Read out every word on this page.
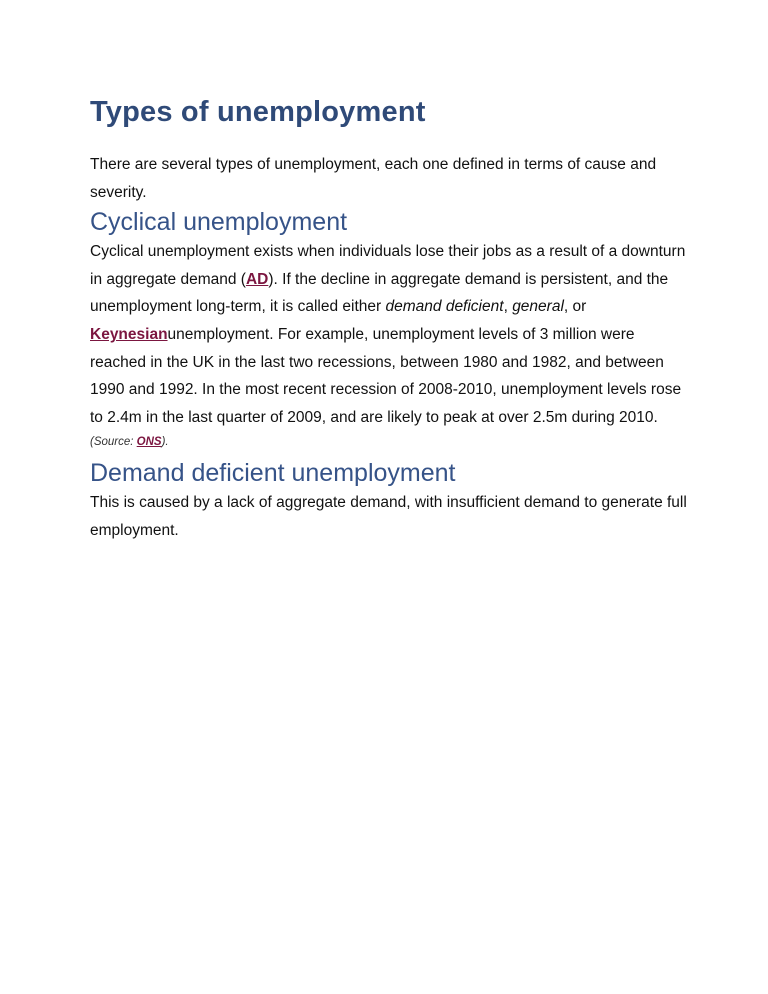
Types of unemployment

There are several types of unemployment, each one defined in terms of cause and severity.

Cyclical unemployment

Cyclical unemployment exists when individuals lose their jobs as a result of a downturn in aggregate demand (AD). If the decline in aggregate demand is persistent, and the unemployment long-term, it is called either demand deficient, general, or Keynesianunemployment. For example, unemployment levels of 3 million were reached in the UK in the last two recessions, between 1980 and 1982, and between 1990 and 1992. In the most recent recession of 2008-2010, unemployment levels rose to 2.4m in the last quarter of 2009, and are likely to peak at over 2.5m during 2010.

(Source: ONS).

Demand deficient unemployment

This is caused by a lack of aggregate demand, with insufficient demand to generate full employment.
